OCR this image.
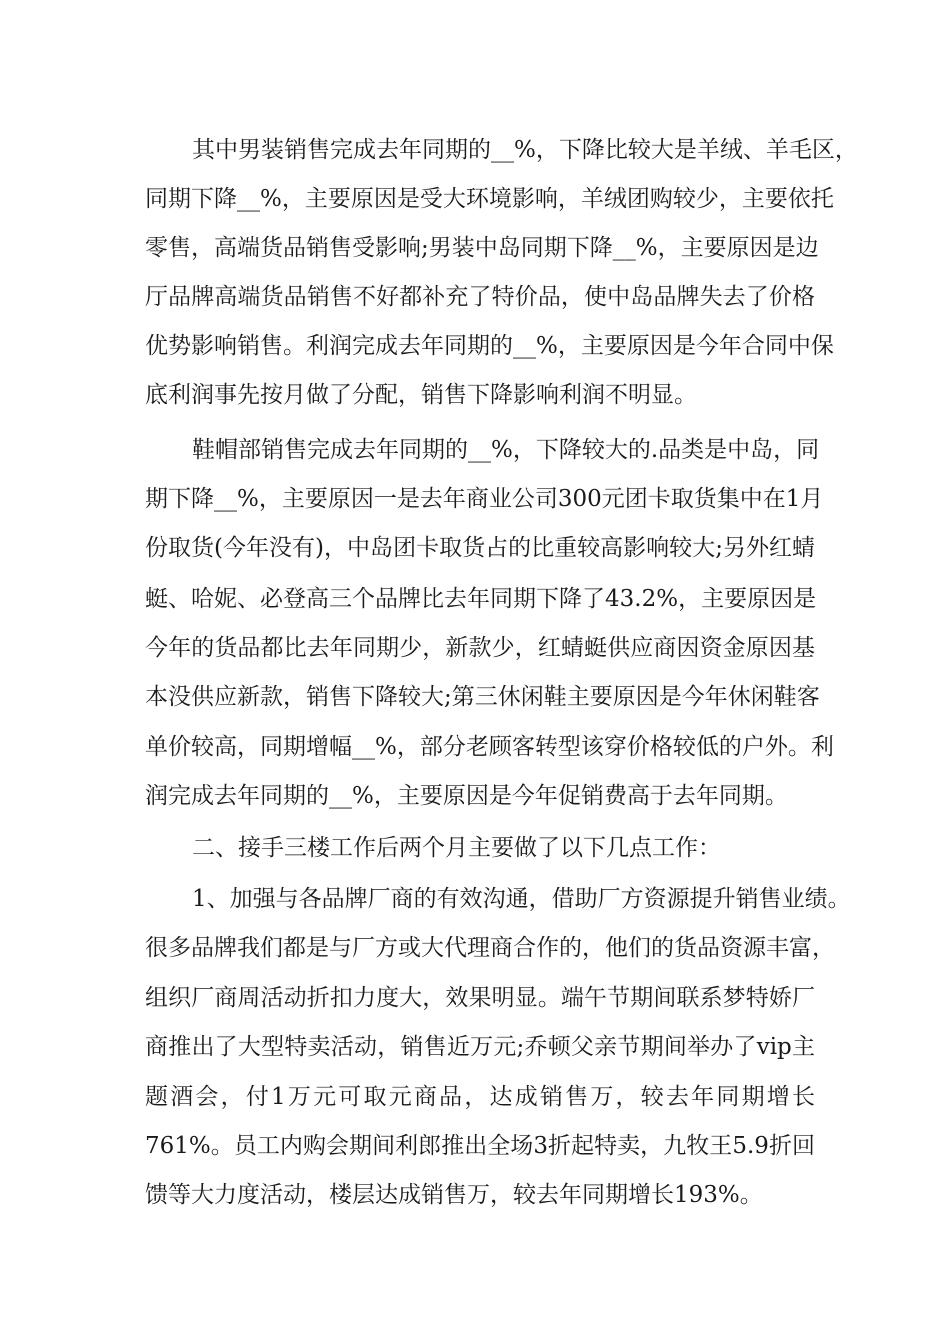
其中男装销售完成去年同期的__%，下降比较大是羊绒、羊毛区，
同期下降__%，主要原因是受大环境影响，羊绒团购较少，主要依托
零售，高端货品销售受影响;男装中岛同期下降__%，主要原因是边
厅品牌高端货品销售不好都补充了特价品，使中岛品牌失去了价格
优势影响销售。利润完成去年同期的__%，主要原因是今年合同中保
底利润事先按月做了分配，销售下降影响利润不明显。
鞋帽部销售完成去年同期的__%，下降较大的.品类是中岛，同
期下降__%，主要原因一是去年商业公司300元团卡取货集中在1月
份取货(今年没有)，中岛团卡取货占的比重较高影响较大;另外红蜻
蜓、哈妮、必登高三个品牌比去年同期下降了43.2%，主要原因是
今年的货品都比去年同期少，新款少，红蜻蜓供应商因资金原因基
本没供应新款，销售下降较大;第三休闲鞋主要原因是今年休闲鞋客
单价较高，同期增幅__%，部分老顾客转型该穿价格较低的户外。利
润完成去年同期的__%，主要原因是今年促销费高于去年同期。
二、接手三楼工作后两个月主要做了以下几点工作：
1、加强与各品牌厂商的有效沟通，借助厂方资源提升销售业绩。
很多品牌我们都是与厂方或大代理商合作的，他们的货品资源丰富，
组织厂商周活动折扣力度大，效果明显。端午节期间联系梦特娇厂
商推出了大型特卖活动，销售近万元;乔顿父亲节期间举办了vip主
题酒会，付1万元可取元商品，达成销售万，较去年同期增长
761%。员工内购会期间利郎推出全场3折起特卖，九牧王5.9折回
馈等大力度活动，楼层达成销售万，较去年同期增长193%。
